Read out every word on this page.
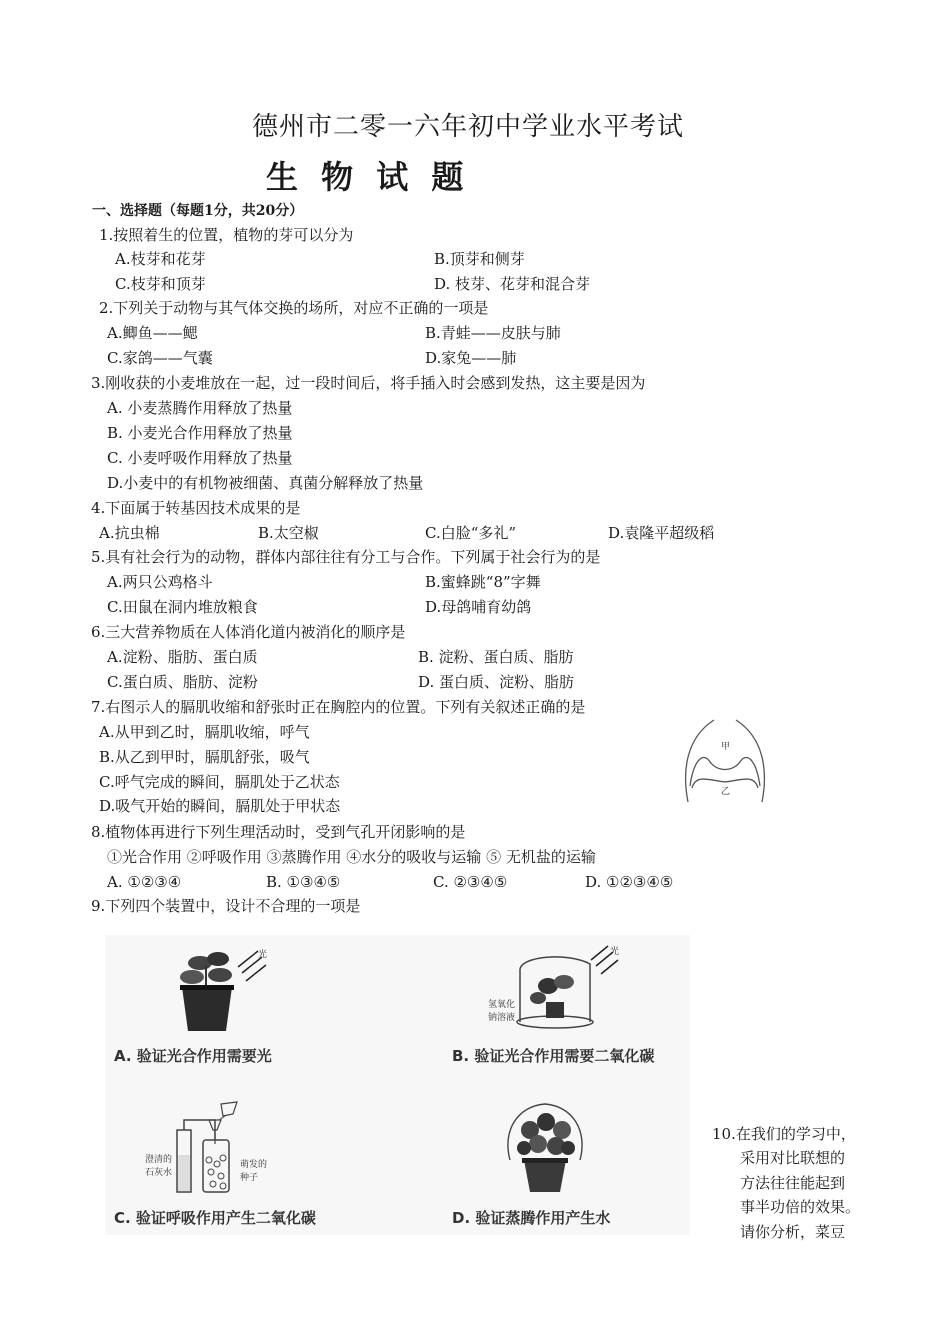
德州市二零一六年初中学业水平考试
生 物 试 题
一、选择题（每题1分，共20分）
1.按照着生的位置，植物的芽可以分为
A.枝芽和花芽	B.顶芽和侧芽
C.枝芽和顶芽	D. 枝芽、花芽和混合芽
2.下列关于动物与其气体交换的场所，对应不正确的一项是
A.鲫鱼——鳃	B.青蛙——皮肤与肺
C.家鸽——气囊	D.家兔——肺
3.刚收获的小麦堆放在一起，过一段时间后，将手插入时会感到发热，这主要是因为
A. 小麦蒸腾作用释放了热量
B. 小麦光合作用释放了热量
C. 小麦呼吸作用释放了热量
D.小麦中的有机物被细菌、真菌分解释放了热量
4.下面属于转基因技术成果的是
A.抗虫棉	B.太空椒	C.白脸“多礼”	D.袁隆平超级稻
5.具有社会行为的动物，群体内部往往有分工与合作。下列属于社会行为的是
A.两只公鸡格斗	B.蜜蜂跳“8”字舞
C.田鼠在洞内堆放粮食	D.母鸽哺育幼鸽
6.三大营养物质在人体消化道内被消化的顺序是
A.淀粉、脂肪、蛋白质	B. 淀粉、蛋白质、脂肪
C.蛋白质、脂肪、淀粉	D. 蛋白质、淀粉、脂肪
7.右图示人的膈肌收缩和舒张时正在胸腔内的位置。下列有关叙述正确的是
A.从甲到乙时，膈肌收缩，呼气
B.从乙到甲时，膈肌舒张，吸气
C.呼气完成的瞬间，膈肌处于乙状态
D.吸气开始的瞬间，膈肌处于甲状态
甲
乙
8.植物体再进行下列生理活动时，受到气孔开闭影响的是
①光合作用 ②呼吸作用 ③蒸腾作用 ④水分的吸收与运输 ⑤ 无机盐的运输
A. ①②③④	B. ①③④⑤	C. ②③④⑤	D. ①②③④⑤
9.下列四个装置中，设计不合理的一项是
光
A. 验证光合作用需要光
光
氢氧化
钠溶液
B. 验证光合作用需要二氧化碳
澄清的
石灰水
萌发的
种子
C. 验证呼吸作用产生二氧化碳	D. 验证蒸腾作用产生水
10.在我们的学习中，
采用对比联想的
方法往往能起到
事半功倍的效果。
请你分析，菜豆
